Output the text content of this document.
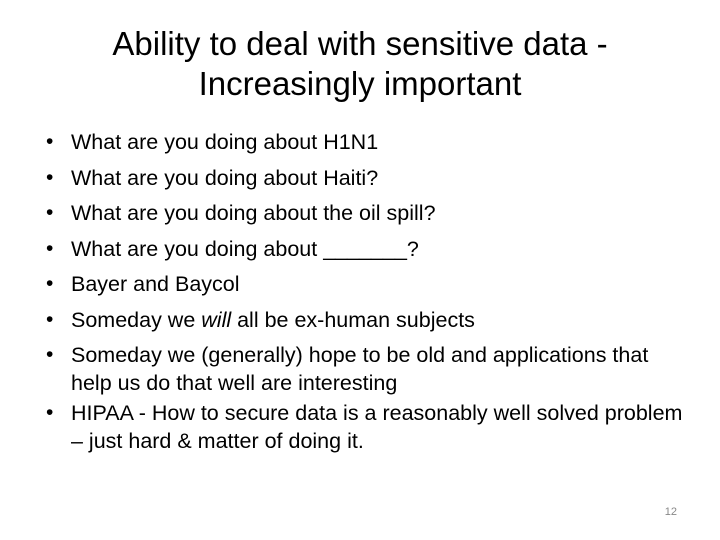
Ability to deal with sensitive data -
Increasingly important
• What are you doing about H1N1
• What are you doing about Haiti?
• What are you doing about the oil spill?
• What are you doing about _______?
• Bayer and Baycol
• Someday we will all be ex-human subjects
• Someday we (generally) hope to be old and applications that help us do that well are interesting
• HIPAA - How to secure data is a reasonably well solved problem – just hard & matter of doing it.
12
